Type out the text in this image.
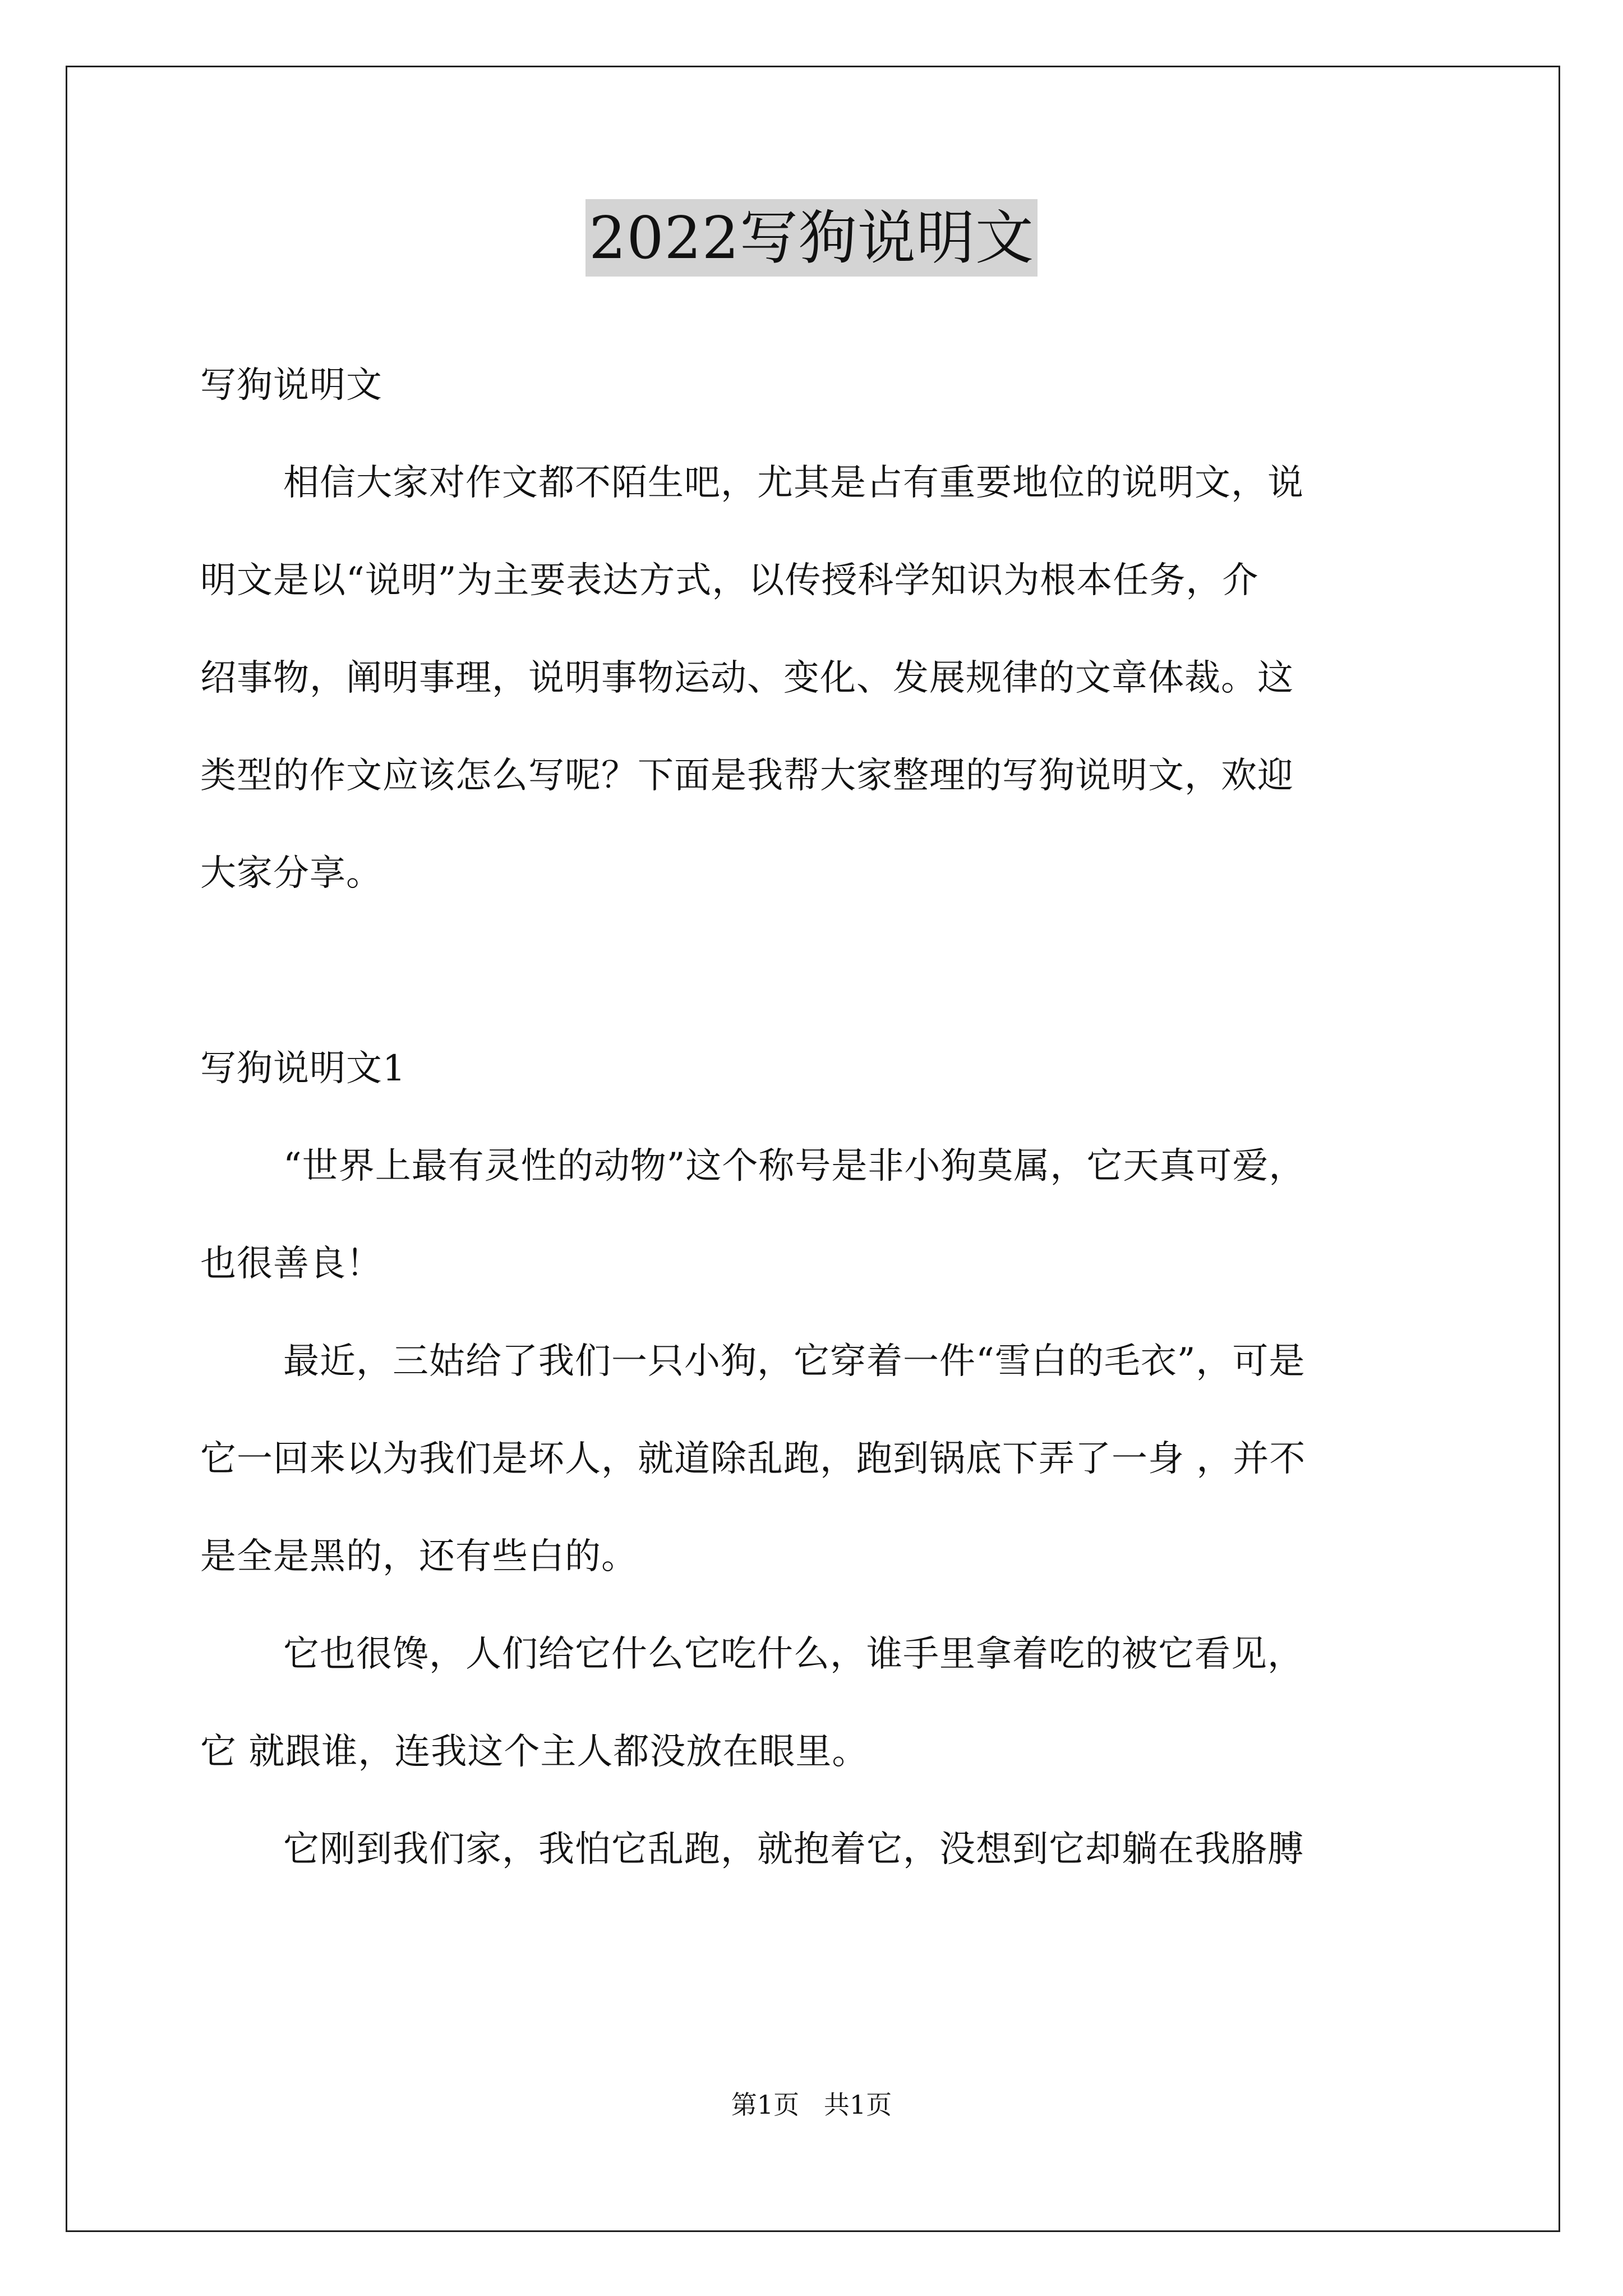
2022写狗说明文
写狗说明文
相信大家对作文都不陌生吧，尤其是占有重要地位的说明文，说
明文是以“说明”为主要表达方式，以传授科学知识为根本任务，介
绍事物，阐明事理，说明事物运动、变化、发展规律的文章体裁。这
类型的作文应该怎么写呢？下面是我帮大家整理的写狗说明文，欢迎
大家分享。
写狗说明文1
“世界上最有灵性的动物”这个称号是非小狗莫属，它天真可爱，
也很善良！
最近，三姑给了我们一只小狗，它穿着一件“雪白的毛衣”，可是
它一回来以为我们是坏人，就道除乱跑，跑到锅底下弄了一身 ，并不
是全是黑的，还有些白的。
它也很馋，人们给它什么它吃什么，谁手里拿着吃的被它看见，
它 就跟谁，连我这个主人都没放在眼里。
它刚到我们家，我怕它乱跑，就抱着它，没想到它却躺在我胳膊
第1页   共1页
